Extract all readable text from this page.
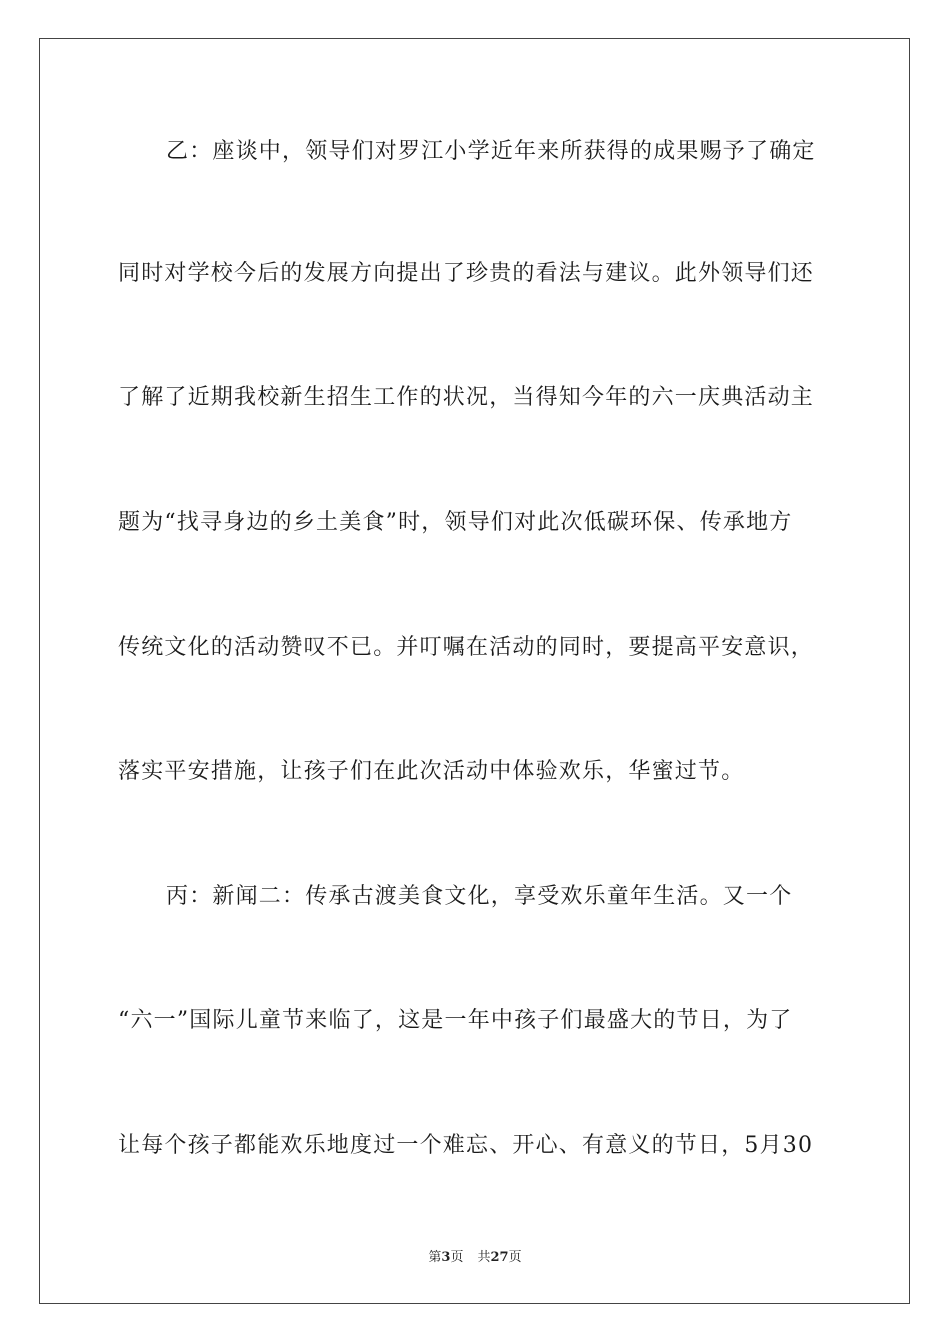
乙：座谈中，领导们对罗江小学近年来所获得的成果赐予了确定
同时对学校今后的发展方向提出了珍贵的看法与建议。此外领导们还
了解了近期我校新生招生工作的状况，当得知今年的六一庆典活动主
题为“找寻身边的乡土美食”时，领导们对此次低碳环保、传承地方
传统文化的活动赞叹不已。并叮嘱在活动的同时，要提高平安意识，
落实平安措施，让孩子们在此次活动中体验欢乐，华蜜过节。
丙：新闻二：传承古渡美食文化，享受欢乐童年生活。又一个
“六一”国际儿童节来临了，这是一年中孩子们最盛大的节日，为了
让每个孩子都能欢乐地度过一个难忘、开心、有意义的节日，5月30
第3页 共27页
